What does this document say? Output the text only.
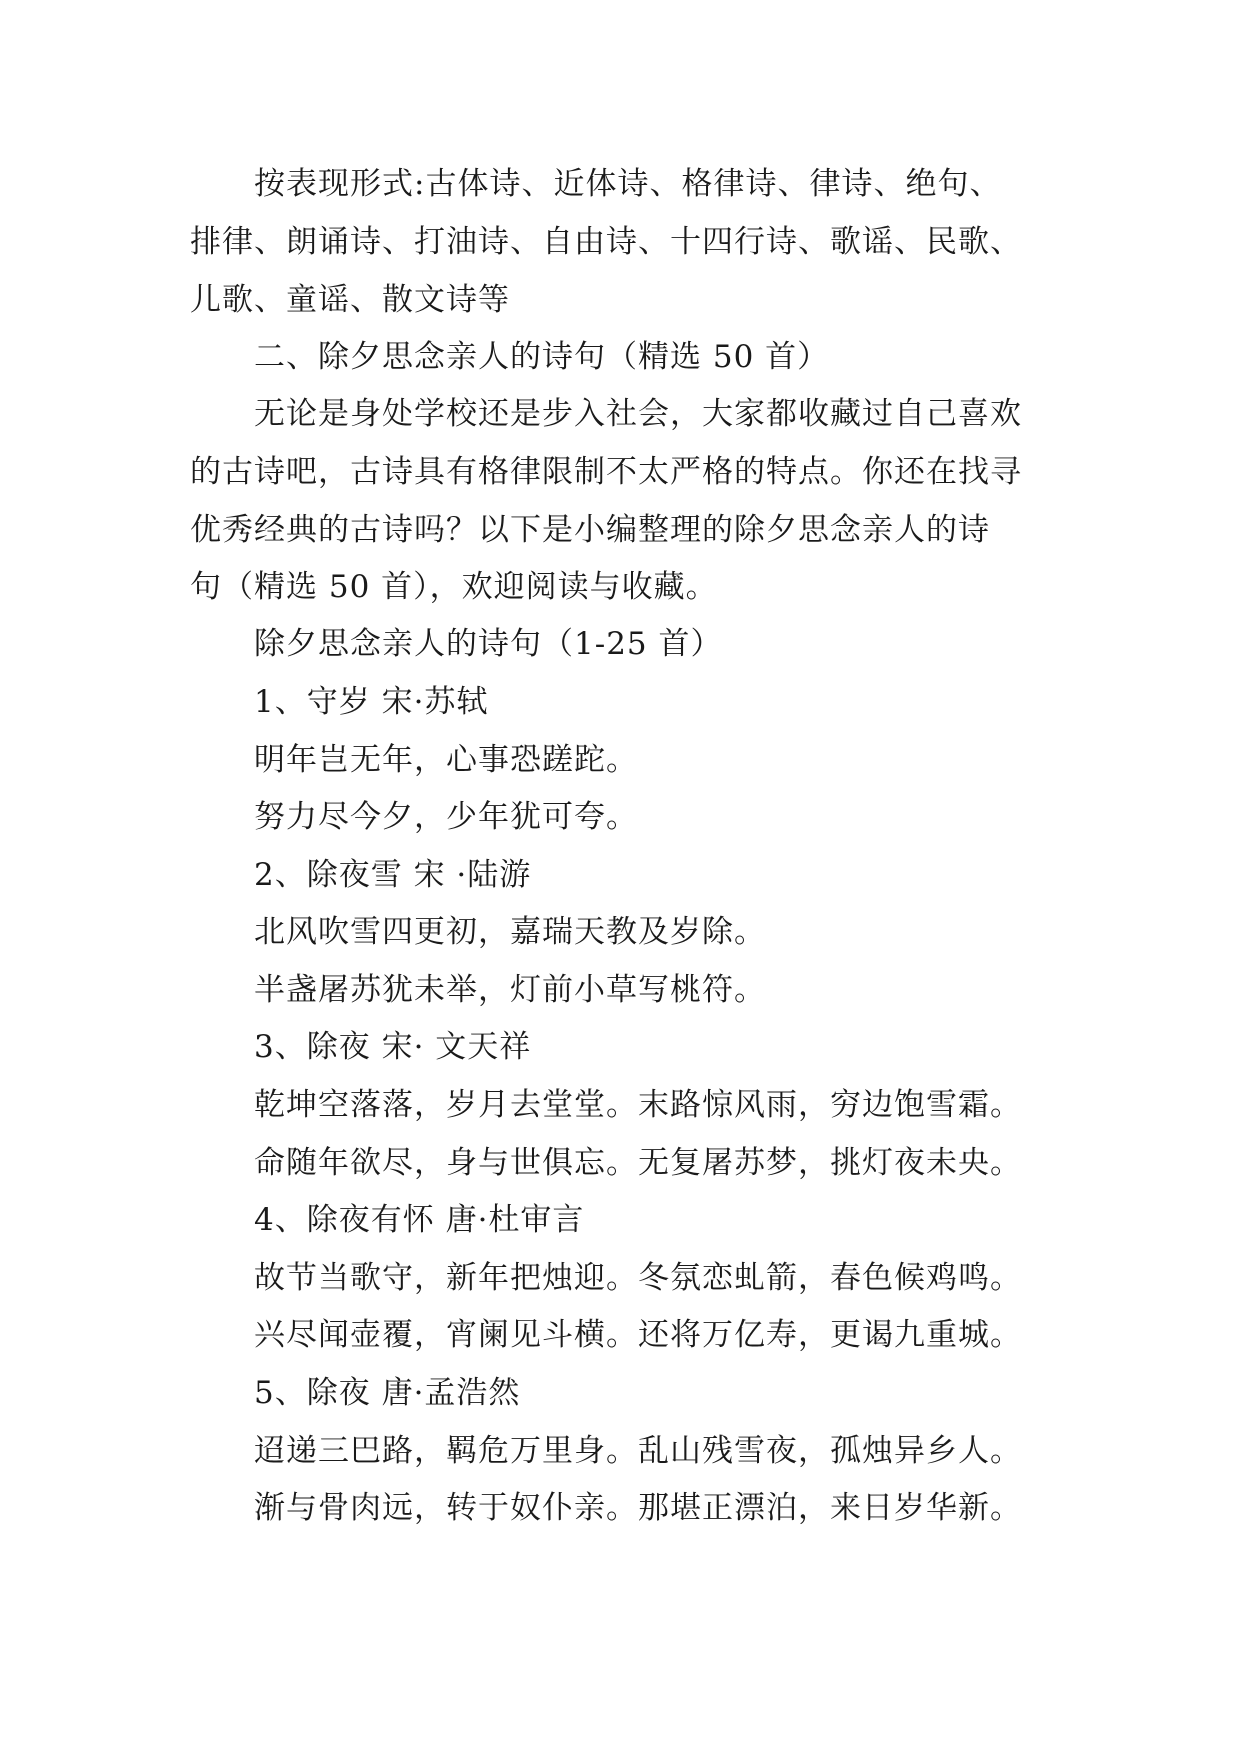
按表现形式:古体诗、近体诗、格律诗、律诗、绝句、
排律、朗诵诗、打油诗、自由诗、十四行诗、歌谣、民歌、
儿歌、童谣、散文诗等
二、除夕思念亲人的诗句（精选 50 首）
无论是身处学校还是步入社会，大家都收藏过自己喜欢
的古诗吧，古诗具有格律限制不太严格的特点。你还在找寻
优秀经典的古诗吗？以下是小编整理的除夕思念亲人的诗
句（精选 50 首），欢迎阅读与收藏。
除夕思念亲人的诗句（1-25 首）
1、守岁 宋·苏轼
明年岂无年，心事恐蹉跎。
努力尽今夕，少年犹可夸。
2、除夜雪 宋 ·陆游
北风吹雪四更初，嘉瑞天教及岁除。
半盏屠苏犹未举，灯前小草写桃符。
3、除夜 宋· 文天祥
乾坤空落落，岁月去堂堂。末路惊风雨，穷边饱雪霜。
命随年欲尽，身与世俱忘。无复屠苏梦，挑灯夜未央。
4、除夜有怀 唐·杜审言
故节当歌守，新年把烛迎。冬氛恋虬箭，春色候鸡鸣。
兴尽闻壶覆，宵阑见斗横。还将万亿寿，更谒九重城。
5、除夜 唐·孟浩然
迢递三巴路，羁危万里身。乱山残雪夜，孤烛异乡人。
渐与骨肉远，转于奴仆亲。那堪正漂泊，来日岁华新。
